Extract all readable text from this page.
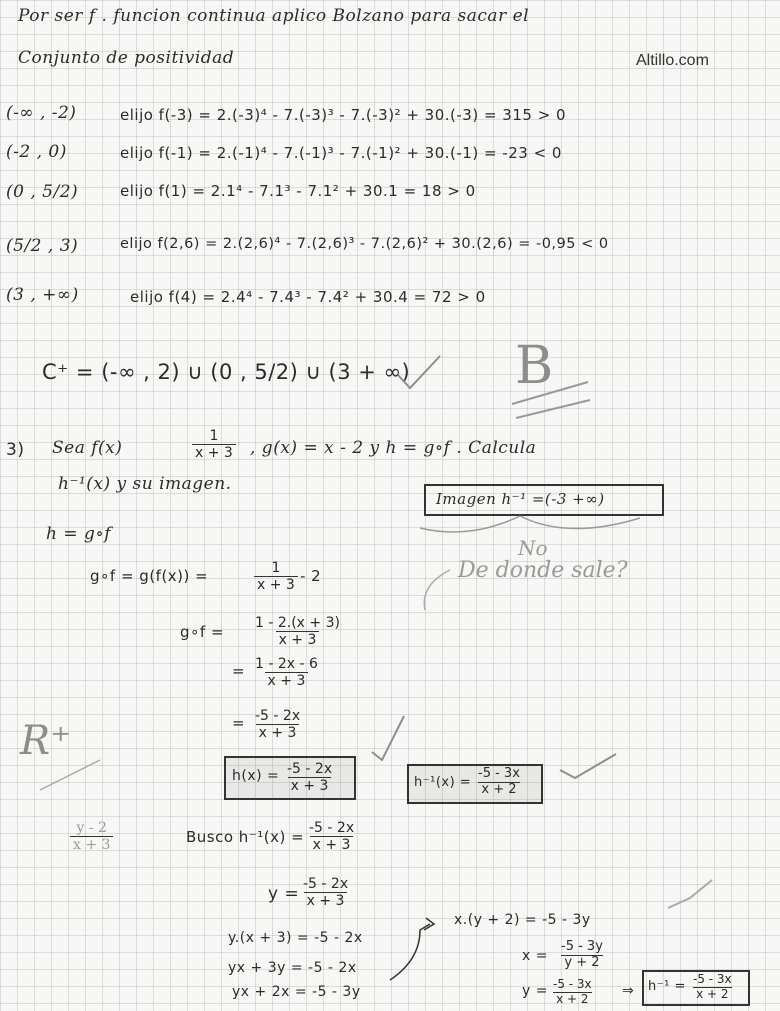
Altillo.com
Por ser f . funcion continua aplico Bolzano para sacar el
Conjunto de positividad
(-∞ , -2)	elijo f(-3) = 2.(-3)⁴ - 7.(-3)³ - 7.(-3)² + 30.(-3) = 315 > 0
(-2 , 0)	elijo f(-1) = 2.(-1)⁴ - 7.(-1)³ - 7.(-1)² + 30.(-1) = -23 < 0
(0 , 5/2)	elijo f(1) = 2.1⁴ - 7.1³ - 7.1² + 30.1 = 18 > 0
(5/2 , 3)	elijo f(2,6) = 2.(2,6)⁴ - 7.(2,6)³ - 7.(2,6)² + 30.(2,6) = -0,95 < 0
(3 , +∞)	elijo f(4) = 2.4⁴ - 7.4³ - 7.4² + 30.4 = 72 > 0
C⁺ = (-∞ , 2) ∪ (0 , 5/2) ∪ (3 + ∞) B
3) Sea f(x)	$\frac{1}{x + 3}$ , g(x) = x - 2 y h = g∘f . Calcula
h⁻¹(x) y su imagen.
Imagen h⁻¹ =(-3 +∞)
No
De donde sale?
h = g∘f
g∘f = g(f(x)) =	$\frac{1}{x + 3} - 2$
g∘f = $\frac{1 - 2.(x + 3)}{x + 3}$
= $\frac{1 - 2x - 6}{x + 3}$
= $\frac{-5 - 2x}{x + 3}$
R⁺
$h(x) = \frac{-5 - 2x}{x + 3}$	$h^{-1}(x) = \frac{-5 - 3x}{x + 2}$
$\frac{y - 2}{x + 3}$	Busco $h^{-1}(x) = \frac{-5 - 2x}{x + 3}$
$y = \frac{-5 - 2x}{x + 3}$
y.(x + 3) = -5 - 2x
yx + 3y = -5 - 2x
yx + 2x = -5 - 3y
x.(y + 2) = -5 - 3y
$x = \frac{-5 - 3y}{y + 2}$
$y = \frac{-5 - 3x}{x + 2}$ ⇒ $h^{-1} = \frac{-5 - 3x}{x + 2}$
